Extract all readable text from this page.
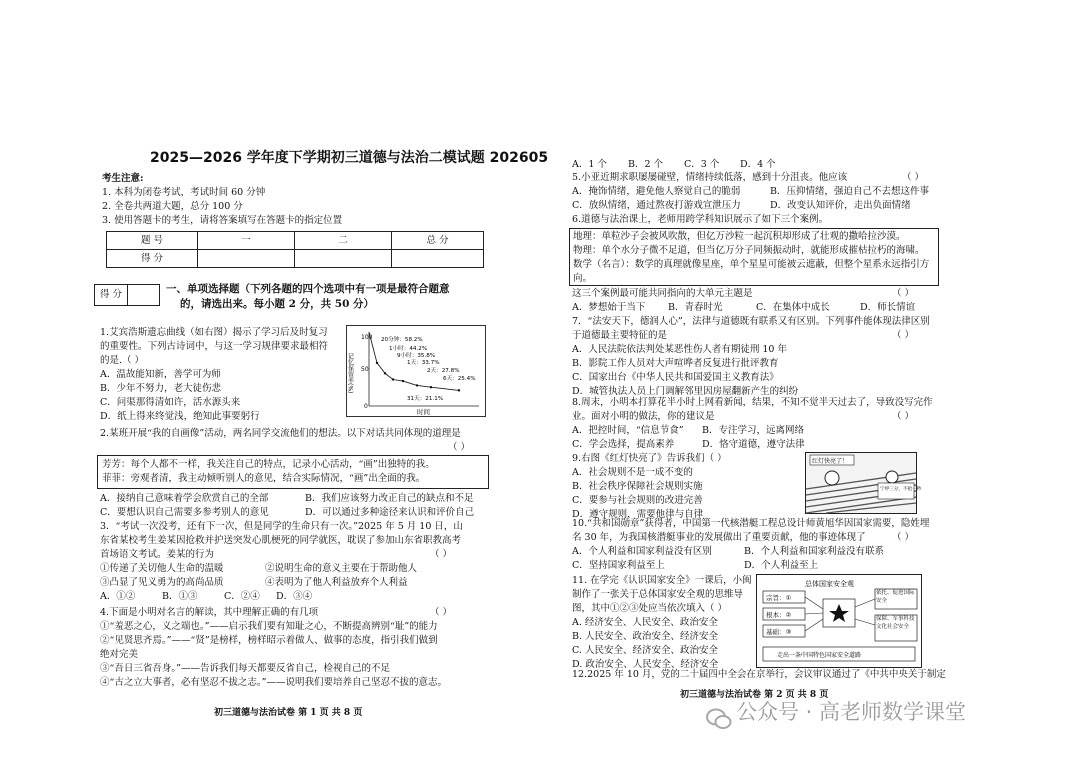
2025—2026 学年度下学期初三道德与法治二模试题 202605
考生注意:
1. 本科为闭卷考试，考试时间 60 分钟
2. 全卷共两道大题，总分 100 分
3. 使用答题卡的考生，请将答案填写在答题卡的指定位置
题 号	一	二	总 分
得 分			
得 分	一、单项选择题（下列各题的四个选项中有一项是最符合题意
的，请选出来。每小题 2 分，共 50 分）
1.艾宾浩斯遗忘曲线（如右图）揭示了学习后及时复习
的重要性。下列古诗词中，与这一学习规律要求最相符
的是.（ ）
A．温故能知新，善学可为师
B．少年不努力，老大徒伤悲
C．问渠那得清如许，活水源头来
D．纸上得来终觉浅，绝知此事要躬行
记忆保留率(%)
100
50
0
时间
20分钟：58.2%
1小时：44.2%
9小时：35.8%
1天：33.7%
2天：27.8%
6天：25.4%
31天：21.1%
2.某班开展“我的自画像”活动，两名同学交流他们的想法。以下对话共同体现的道理是
（ ）
芳芳：每个人都不一样，我关注自己的特点，记录小心活动，“画”出独特的我。
菲菲：旁观者清，我主动倾听别人的意见，结合实际情况，“画”出全面的我。
A．接纳自己意味着学会欣赏自己的全部	B．我们应该努力改正自己的缺点和不足
C．要想认识自己需要多参考别人的意见	D．可以通过多种途径来认识和评价自己
3．“考试一次没考，还有下一次，但是同学的生命只有一次。”2025 年 5 月 10 日，山
东省某校考生姜某因抢救并护送突发心肌梗死的同学就医，耽误了参加山东省职教高考
首场语文考试。姜某的行为	（ ）
①传递了关切他人生命的温暖	②说明生命的意义主要在于帮助他人
③凸显了见义勇为的高尚品质	④表明为了他人利益放弃个人利益
A．①②	B．①③	C．②④ D．③④
4.下面是小明对名言的解读，其中理解正确的有几项	（ ）
①“羞恶之心，义之端也。”——启示我们要有知耻之心，不断提高辨别“耻”的能力
②“见贤思齐焉。”——“贤”是榜样，榜样昭示着做人、做事的态度，指引我们做到
绝对完美
③“吾日三省吾身。”——告诉我们每天都要反省自己，检视自己的不足
④“古之立大事者，必有坚忍不拔之志。”——说明我们要培养自己坚忍不拔的意志。
初三道德与法治试卷 第 1 页 共 8 页
A．1 个 B．2 个 C．3 个 D．4 个
5.小亚近期求职屡屡碰壁，情绪持续低落，感到十分沮丧。他应该	（ ）
A．掩饰情绪，避免他人察觉自己的脆弱	B．压抑情绪，强迫自己不去想这件事
C．放纵情绪，通过熬夜打游戏宣泄压力	D．改变认知评价，走出负面情绪
6.道德与法治课上，老师用跨学科知识展示了如下三个案例。
地理：单粒沙子会被风吹散，但亿万沙粒一起沉积却形成了壮观的撒哈拉沙漠。
物理：单个水分子微不足道，但当亿万分子同频振动时，就能形成摧枯拉朽的海啸。
数学（名言）：数学的真理就像星座，单个星星可能被云遮蔽，但整个星系永远指引方
向。
这三个案例最可能共同指向的大单元主题是	（ ）
A．梦想始于当下 B．青春时光	C．在集体中成长	D．师长情谊
7．“法安天下，德润人心”，法律与道德既有联系又有区别。下列事件能体现法律区别
于道德最主要特征的是	（ ）
A．人民法院依法判处某恶性伤人者有期徒刑 10 年
B．影院工作人员对大声喧哗者反复进行批评教育
C．国家出台《中华人民共和国爱国主义教育法》
D．城管执法人员上门调解邻里因房屋翻新产生的纠纷
8.周末，小明本打算花半小时上网看新闻，结果，不知不觉半天过去了，导致没写完作
业。面对小明的做法，你的建议是	（ ）
A．把控时间，“信息节食” B．专注学习，远离网络
C．学会选择，提高素养	D．恪守道德，遵守法律
9.右图《红灯快亮了》告诉我们（ ）
A．社会规则不是一成不变的
B．社会秩序保障社会规则实施
C．要参与社会规则的改进完善
D．遵守规则，需要他律与自律
红灯快亮了！
宁停三分，不抢一秒
10.“共和国勋章”获得者，中国第一代核潜艇工程总设计师黄旭华因国家需要，隐姓埋
名 30 年，为我国核潜艇事业的发展做出了重要贡献，他的事迹体现了	（ ）
A．个人利益和国家利益没有区别	B．个人利益和国家利益没有联系
C．坚持国家利益至上	D．个人利益至上
11. 在学完《认识国家安全》一课后，小闽
制作了一张关于总体国家安全观的思维导
图，其中①②③处应当依次填入（ ）
A. 经济安全、人民安全、政治安全
B. 人民安全、政治安全、经济安全
C. 人民安全、经济安全、政治安全
D. 政治安全、人民安全、经济安全
总体国家安全观
宗旨：①
根本：②
基础：③
依托、促进国际安全
保障、军事科技文化社会安全
走出一条中国特色国家安全道路
12.2025 年 10 月，党的二十届四中全会在京举行，会议审议通过了《中共中央关于制定
初三道德与法治试卷 第 2 页 共 8 页
公众号 · 高老师数学课堂
